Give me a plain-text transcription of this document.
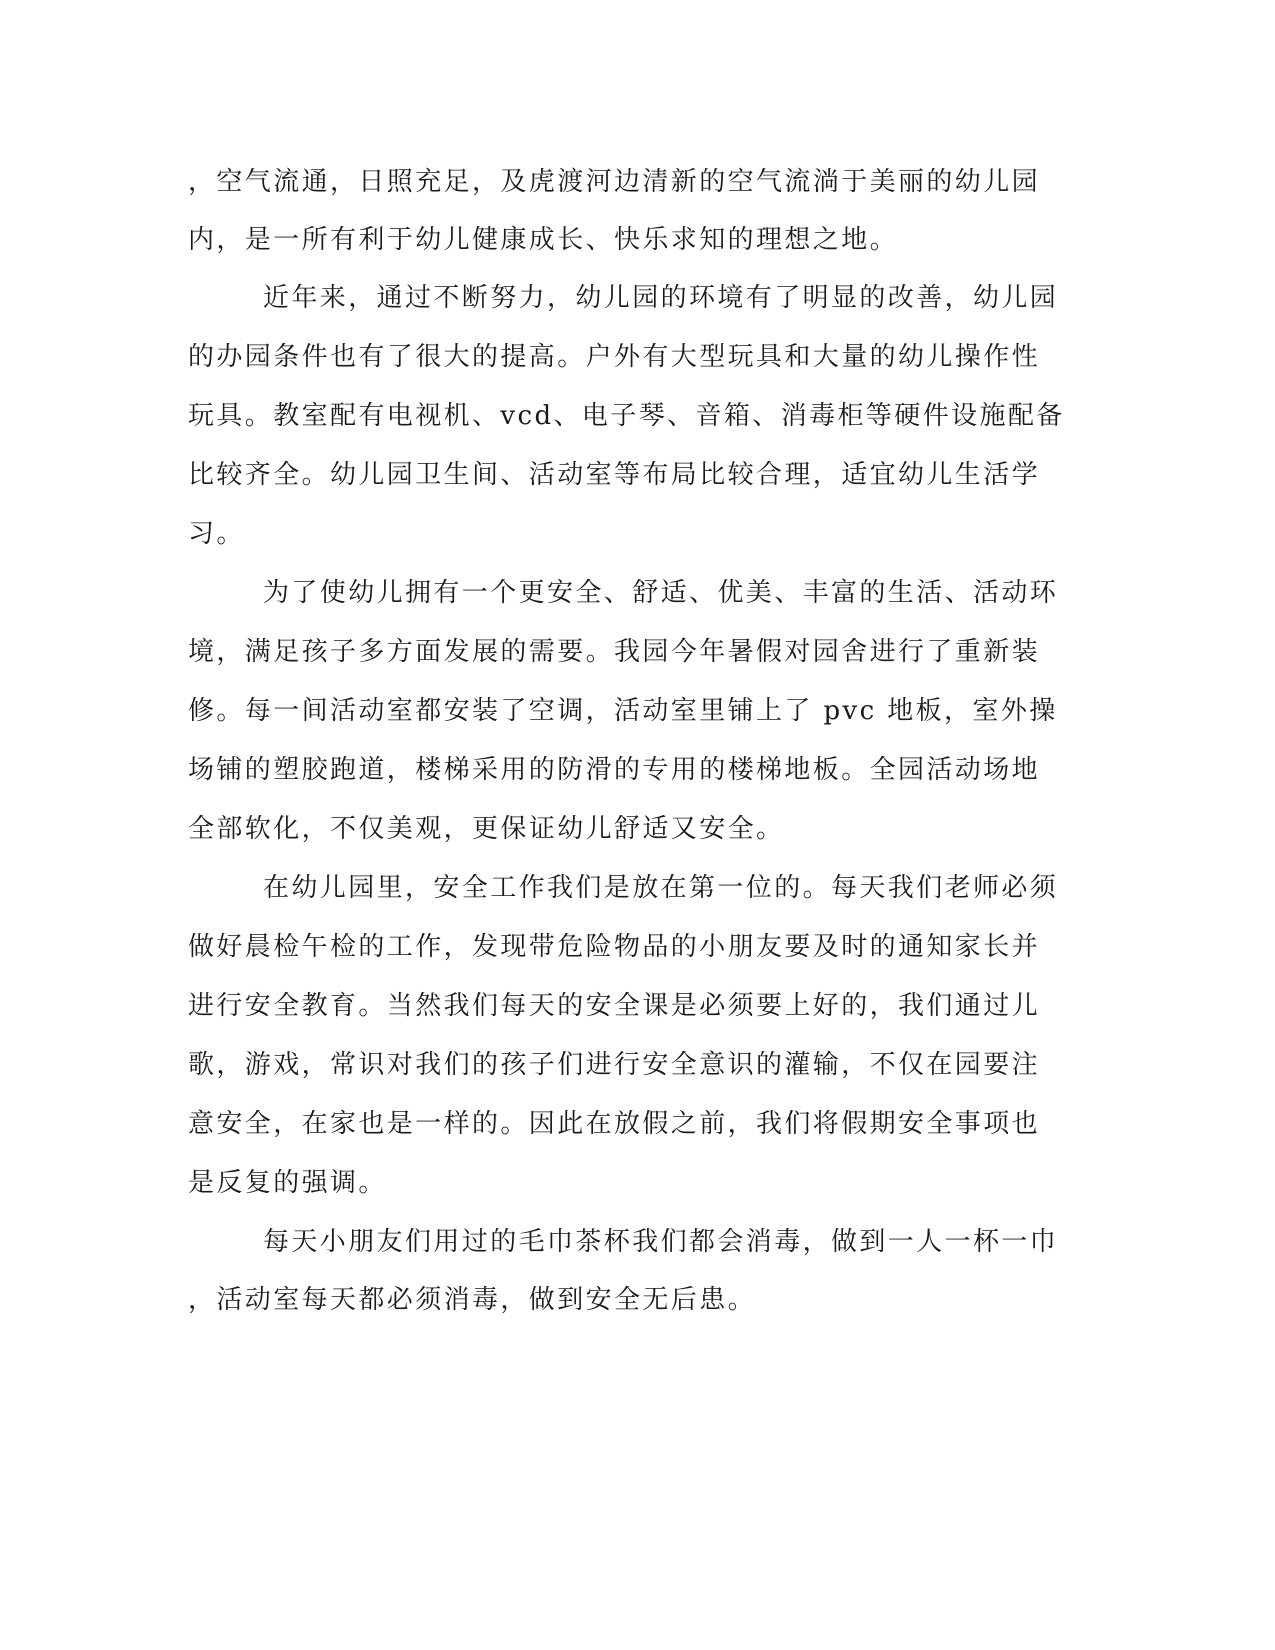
，空气流通，日照充足，及虎渡河边清新的空气流淌于美丽的幼儿园
内，是一所有利于幼儿健康成长、快乐求知的理想之地。
近年来，通过不断努力，幼儿园的环境有了明显的改善，幼儿园
的办园条件也有了很大的提高。户外有大型玩具和大量的幼儿操作性
玩具。教室配有电视机、vcd、电子琴、音箱、消毒柜等硬件设施配备
比较齐全。幼儿园卫生间、活动室等布局比较合理，适宜幼儿生活学
习。
为了使幼儿拥有一个更安全、舒适、优美、丰富的生活、活动环
境，满足孩子多方面发展的需要。我园今年暑假对园舍进行了重新装
修。每一间活动室都安装了空调，活动室里铺上了 pvc 地板，室外操
场铺的塑胶跑道，楼梯采用的防滑的专用的楼梯地板。全园活动场地
全部软化，不仅美观，更保证幼儿舒适又安全。
在幼儿园里，安全工作我们是放在第一位的。每天我们老师必须
做好晨检午检的工作，发现带危险物品的小朋友要及时的通知家长并
进行安全教育。当然我们每天的安全课是必须要上好的，我们通过儿
歌，游戏，常识对我们的孩子们进行安全意识的灌输，不仅在园要注
意安全，在家也是一样的。因此在放假之前，我们将假期安全事项也
是反复的强调。
每天小朋友们用过的毛巾茶杯我们都会消毒，做到一人一杯一巾
，活动室每天都必须消毒，做到安全无后患。
